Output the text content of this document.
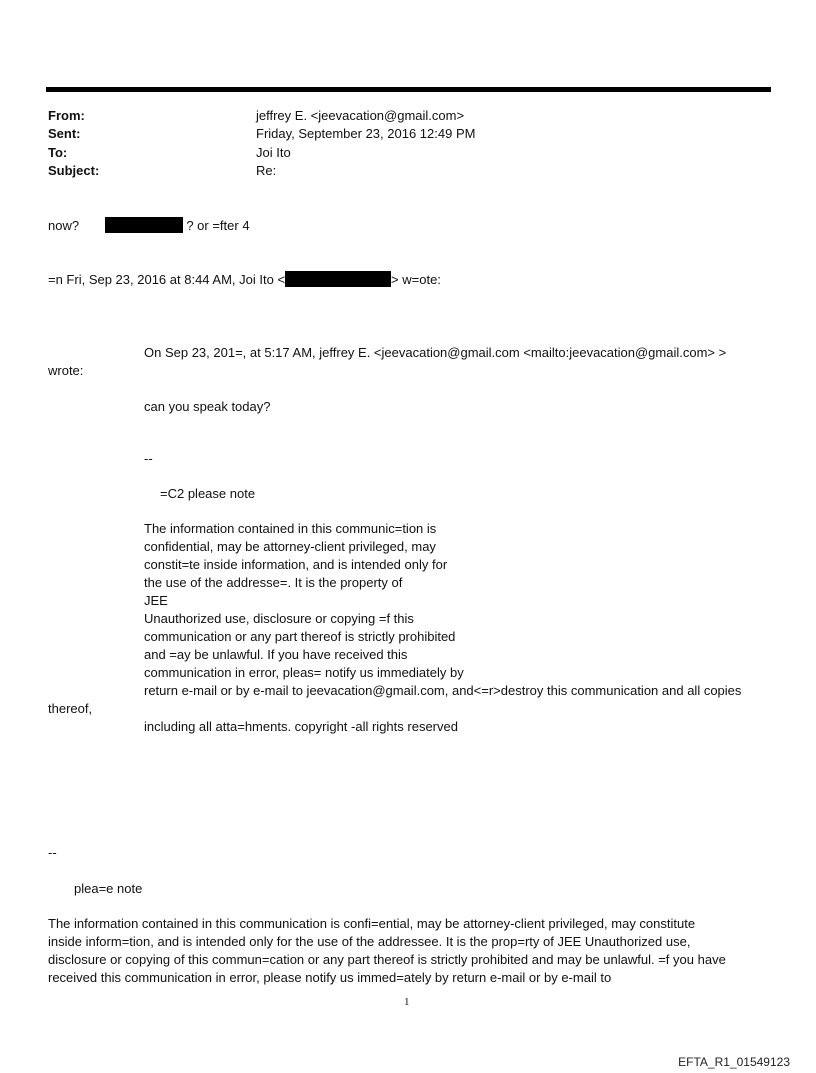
From:	jeffrey E. <jeevacation@gmail.com>
Sent:	Friday, September 23, 2016 12:49 PM
To:	Joi Ito
Subject:	Re:
now?	? or =fter 4
=n Fri, Sep 23, 2016 at 8:44 AM, Joi Ito <	> w=ote:
On Sep 23, 201=, at 5:17 AM, jeffrey E. <jeevacation@gmail.com <mailto:jeevacation@gmail.com> >
wrote:
can you speak today?
--
=C2 please note
The information contained in this communic=tion is
confidential, may be attorney-client privileged, may
constit=te inside information, and is intended only for
the use of the addresse=. It is the property of
JEE
Unauthorized use, disclosure or copying =f this
communication or any part thereof is strictly prohibited
and =ay be unlawful. If you have received this
communication in error, pleas= notify us immediately by
return e-mail or by e-mail to jeevacation@gmail.com, and<=r>destroy this communication and all copies
thereof,
including all atta=hments. copyright -all rights reserved
--
plea=e note
The information contained in this communication is confi=ential, may be attorney-client privileged, may constitute
inside inform=tion, and is intended only for the use of the addressee. It is the prop=rty of JEE Unauthorized use,
disclosure or copying of this commun=cation or any part thereof is strictly prohibited and may be unlawful. =f you have
received this communication in error, please notify us immed=ately by return e-mail or by e-mail to
1
EFTA_R1_01549123
